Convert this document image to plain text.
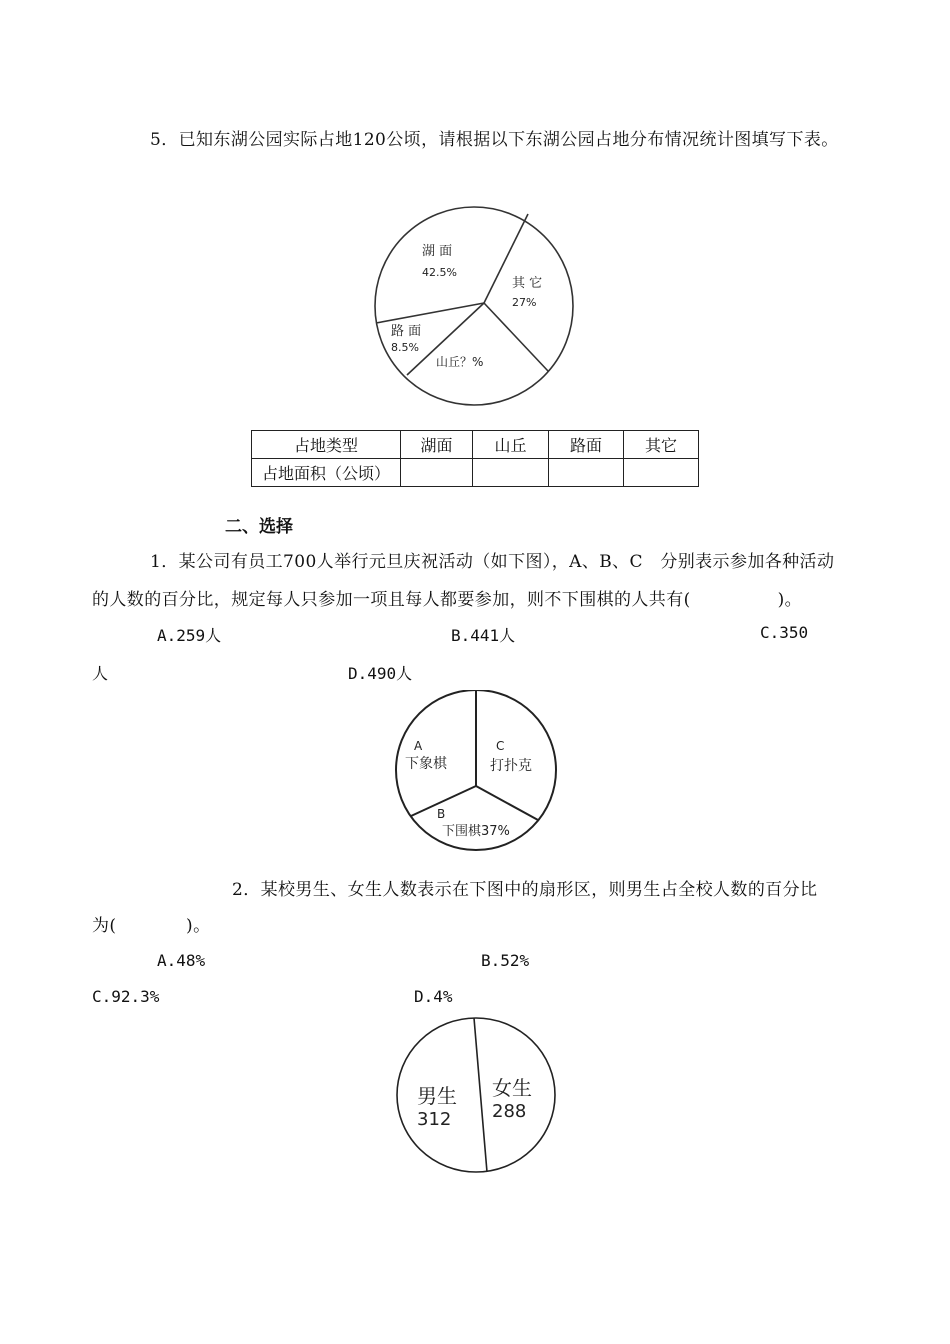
5．已知东湖公园实际占地120公顷，请根据以下东湖公园占地分布情况统计图填写下表。
湖 面
42.5%
其 它
27%
路 面
8.5%
山丘？%
占地类型	湖面	山丘	路面	其它
占地面积（公顷）				
二、选择
1．某公司有员工700人举行元旦庆祝活动（如下图），A、B、C　分别表示参加各种活动
的人数的百分比，规定每人只参加一项且每人都要参加，则不下围棋的人共有(　　　　　)。
A.259人	B.441人	C.350
人	D.490人
A
下象棋
C
打扑克
B
下围棋37%
2．某校男生、女生人数表示在下图中的扇形区，则男生占全校人数的百分比
为(　　　　)。
A.48%	B.52%
C.92.3%	D.4%
男生
312
女生
288
